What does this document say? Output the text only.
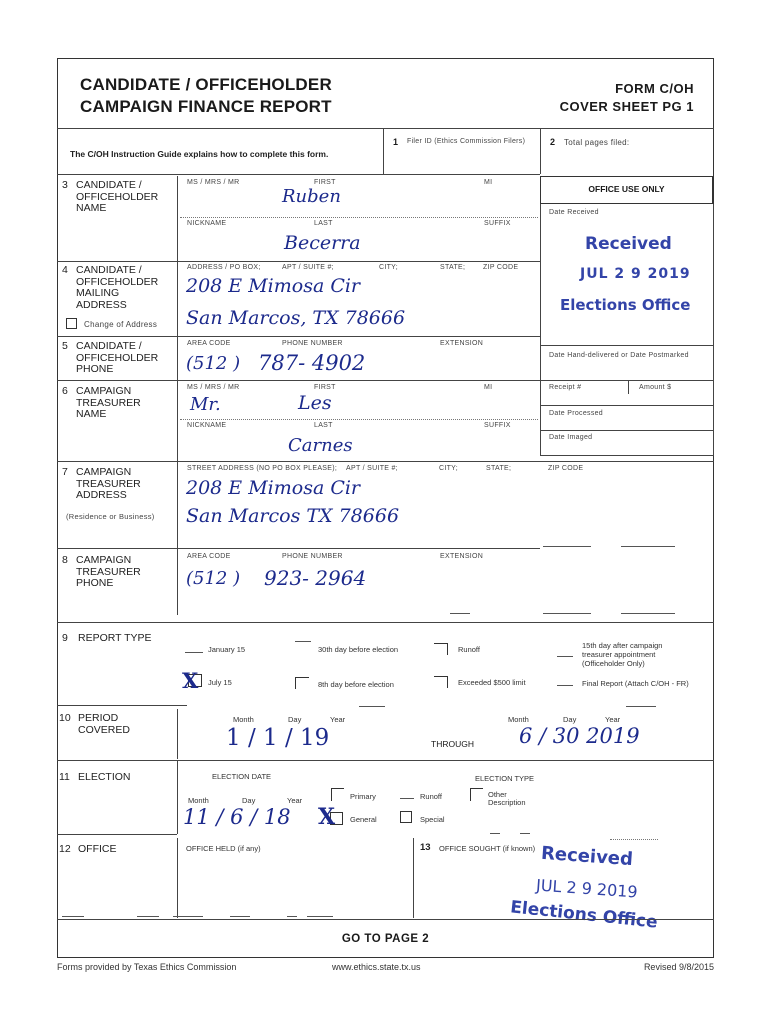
CANDIDATE / OFFICEHOLDER
CAMPAIGN FINANCE REPORT
FORM C/OH
COVER SHEET PG 1
The C/OH Instruction Guide explains how to complete this form.
1 Filer ID (Ethics Commission Filers)	2 Total pages filed:
OFFICE USE ONLY
Date Received
Date Hand-delivered or Date Postmarked
Receipt #	Amount $
Date Processed
Date Imaged
Received
JUL 2 9 2019
Elections Office
3 CANDIDATE / OFFICEHOLDER NAME
MS / MRS / MR	FIRST	MI
Ruben
NICKNAME	LAST	SUFFIX
Becerra
4 CANDIDATE / OFFICEHOLDER MAILING ADDRESS
Change of Address
ADDRESS / PO BOX;	APT / SUITE #;	CITY;	STATE;	ZIP CODE
208 E Mimosa Cir
San Marcos, TX 78666
5 CANDIDATE / OFFICEHOLDER PHONE
AREA CODE	PHONE NUMBER	EXTENSION
(512 ) 787- 4902
6 CAMPAIGN TREASURER NAME
MS / MRS / MR	FIRST	MI
Mr.	Les
NICKNAME	LAST	SUFFIX
Carnes
7 CAMPAIGN TREASURER ADDRESS
(Residence or Business)
STREET ADDRESS (NO PO BOX PLEASE); APT / SUITE #;	CITY;	STATE;	ZIP CODE
208 E Mimosa Cir
San Marcos TX 78666
8 CAMPAIGN TREASURER PHONE
AREA CODE	PHONE NUMBER	EXTENSION
(512 ) 923- 2964
9 REPORT TYPE
January 15	30th day before election	Runoff	15th day after campaign treasurer appointment (Officeholder Only)
X July 15	8th day before election	Exceeded $500 limit	Final Report (Attach C/OH - FR)
10 PERIOD COVERED
Month	Day	Year
1 / 1 / 19	THROUGH
Month	Day	Year
6 / 30 2019
11 ELECTION	ELECTION DATE	ELECTION TYPE
Month	Day	Year
11 / 6 / 18
Primary	Runoff	Other
Description
X General	Special
12 OFFICE	OFFICE HELD (if any)	13 OFFICE SOUGHT (if known) Received
JUL 2 9 2019
Elections Office
GO TO PAGE 2
Forms provided by Texas Ethics Commission	www.ethics.state.tx.us	Revised 9/8/2015
